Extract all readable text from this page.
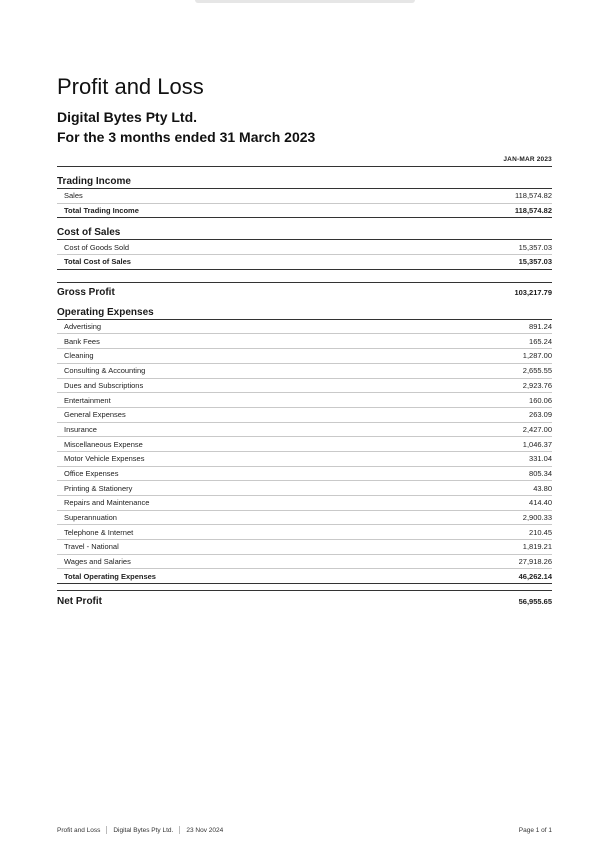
Profit and Loss
Digital Bytes Pty Ltd.
For the 3 months ended 31 March 2023
JAN-MAR 2023
Trading Income
Sales	118,574.82
Total Trading Income	118,574.82
Cost of Sales
Cost of Goods Sold	15,357.03
Total Cost of Sales	15,357.03
Gross Profit	103,217.79
Operating Expenses
Advertising	891.24
Bank Fees	165.24
Cleaning	1,287.00
Consulting & Accounting	2,655.55
Dues and Subscriptions	2,923.76
Entertainment	160.06
General Expenses	263.09
Insurance	2,427.00
Miscellaneous Expense	1,046.37
Motor Vehicle Expenses	331.04
Office Expenses	805.34
Printing & Stationery	43.80
Repairs and Maintenance	414.40
Superannuation	2,900.33
Telephone & Internet	210.45
Travel - National	1,819.21
Wages and Salaries	27,918.26
Total Operating Expenses	46,262.14
Net Profit	56,955.65
Profit and Loss Digital Bytes Pty Ltd. 23 Nov 2024	Page 1 of 1
